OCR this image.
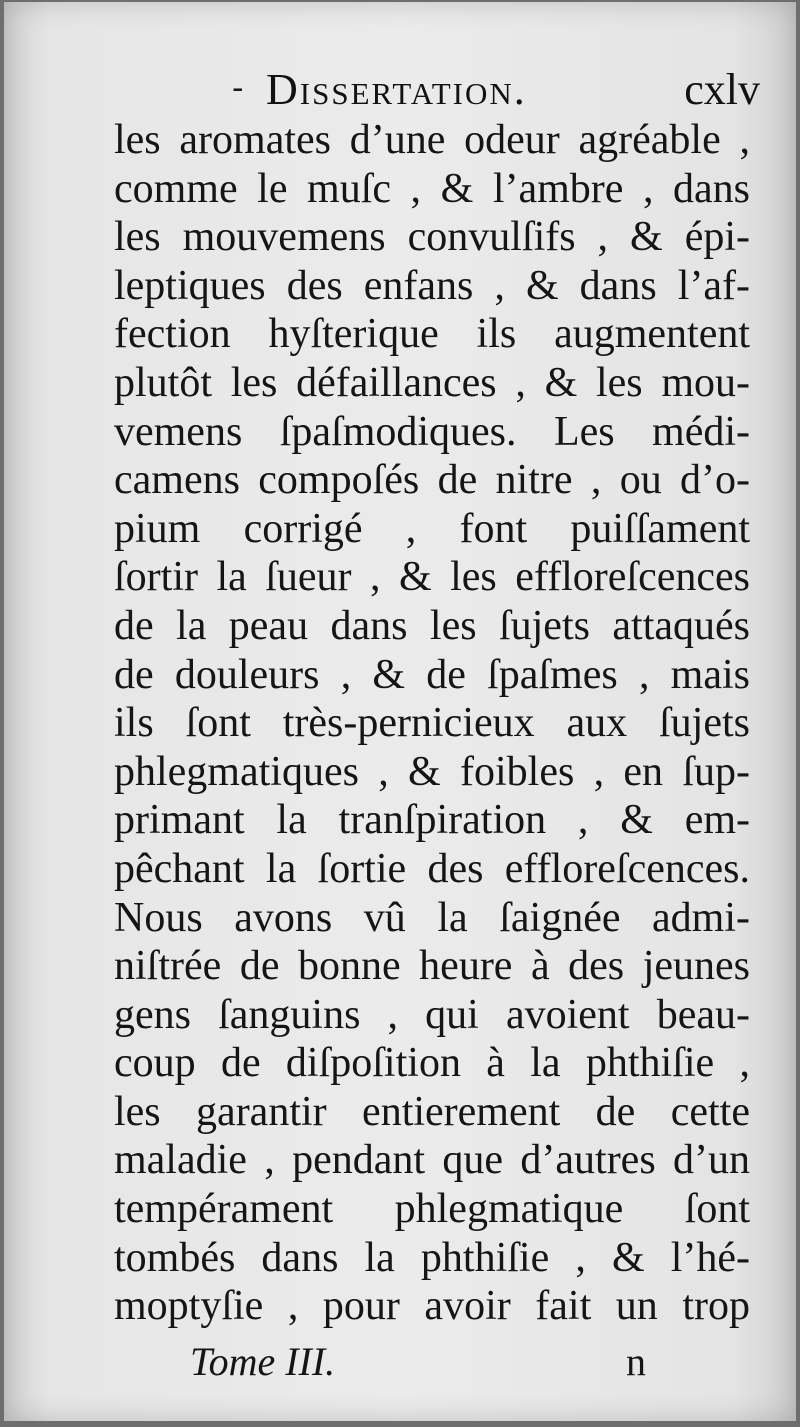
- Dissertation.	cxlv
les aromates d’une odeur agréable ,
comme le muſc , & l’ambre , dans
les mouvemens convulſifs , & épi-
leptiques des enfans , & dans l’af-
fection hyſterique ils augmentent
plutôt les défaillances , & les mou-
vemens ſpaſmodiques. Les médi-
camens compoſés de nitre , ou d’o-
pium corrigé , font puiſſament
ſortir la ſueur , & les effloreſcences
de la peau dans les ſujets attaqués
de douleurs , & de ſpaſmes , mais
ils ſont très-pernicieux aux ſujets
phlegmatiques , & foibles , en ſup-
primant la tranſpiration , & em-
pêchant la ſortie des effloreſcences.
Nous avons vû la ſaignée admi-
niſtrée de bonne heure à des jeunes
gens ſanguins , qui avoient beau-
coup de diſpoſition à la phthiſie ,
les garantir entierement de cette
maladie , pendant que d’autres d’un
tempérament phlegmatique ſont
tombés dans la phthiſie , & l’hé-
moptyſie , pour avoir fait un trop
Tome III.	n
